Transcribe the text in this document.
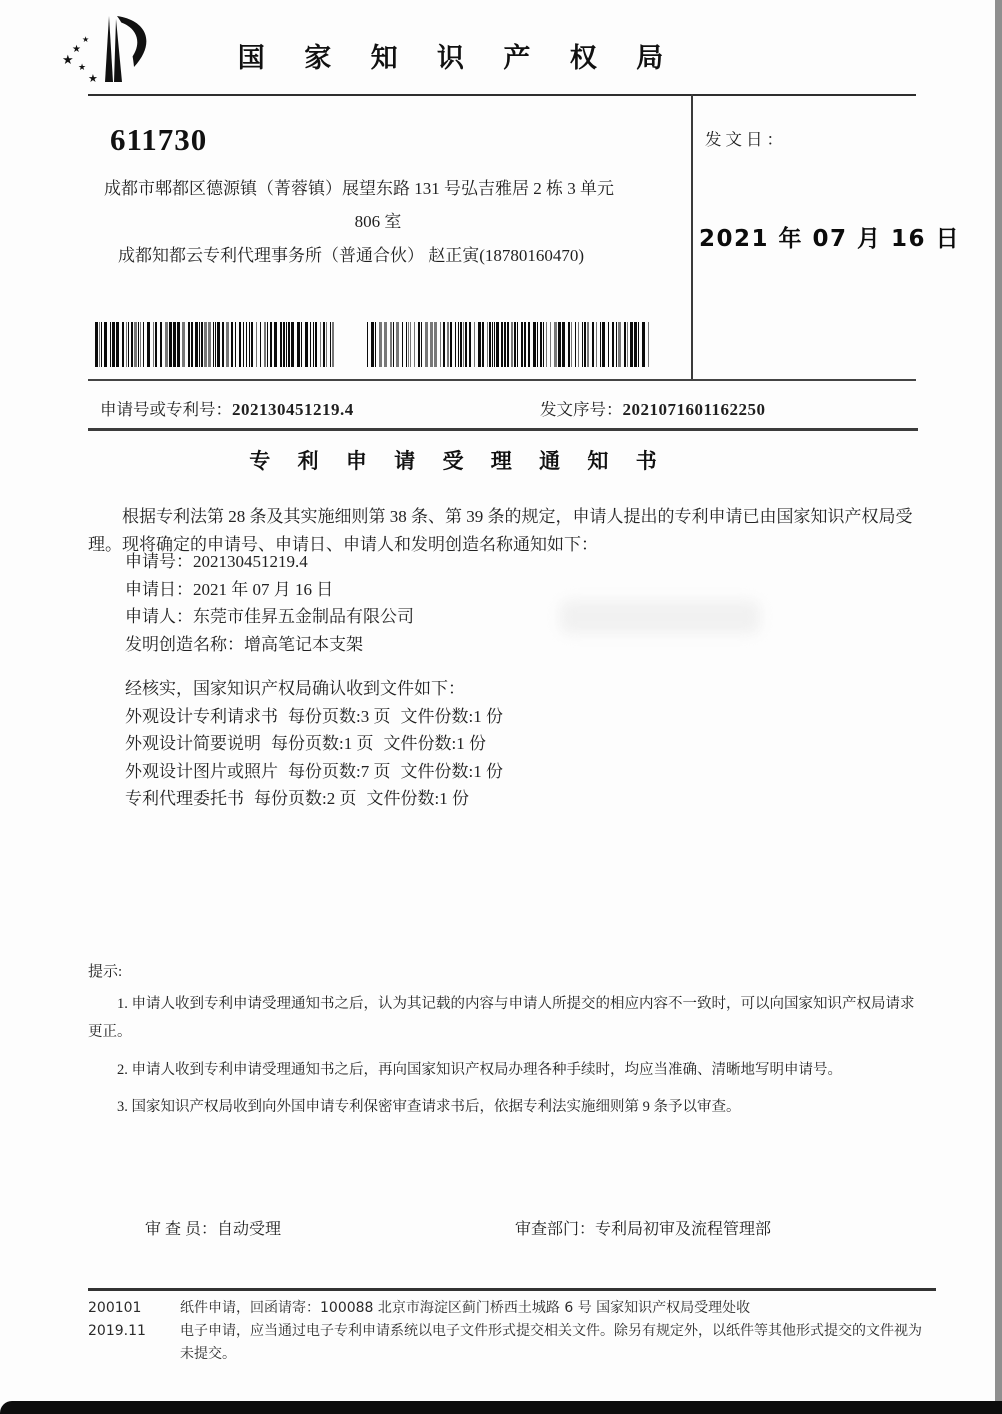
★
★
★
★
★
国 家 知 识 产 权 局
611730
成都市郫都区德源镇（菁蓉镇）展望东路 131 号弘吉雅居 2 栋 3 单元
806 室
成都知都云专利代理事务所（普通合伙） 赵正寅(18780160470)
发文日：
2021 年 07 月 16 日
申请号或专利号：202130451219.4	发文序号：2021071601162250
专 利 申 请 受 理 通 知 书

根据专利法第 28 条及其实施细则第 38 条、第 39 条的规定，申请人提出的专利申请已由国家知识产权局受理。现将确定的申请号、申请日、申请人和发明创造名称通知如下：

申请号：202130451219.4
申请日：2021 年 07 月 16 日
申请人：东莞市佳昇五金制品有限公司
发明创造名称：增高笔记本支架
经核实，国家知识产权局确认收到文件如下：
外观设计专利请求书 每份页数:3 页 文件份数:1 份
外观设计简要说明 每份页数:1 页 文件份数:1 份
外观设计图片或照片 每份页数:7 页 文件份数:1 份
专利代理委托书 每份页数:2 页 文件份数:1 份
提示:

1. 申请人收到专利申请受理通知书之后，认为其记载的内容与申请人所提交的相应内容不一致时，可以向国家知识产权局请求更正。

2. 申请人收到专利申请受理通知书之后，再向国家知识产权局办理各种手续时，均应当准确、清晰地写明申请号。

3. 国家知识产权局收到向外国申请专利保密审查请求书后，依据专利法实施细则第 9 条予以审查。

审 查 员：自动受理	审查部门：专利局初审及流程管理部
200101	纸件申请，回函请寄：100088 北京市海淀区蓟门桥西土城路 6 号 国家知识产权局受理处收
2019.11	电子申请，应当通过电子专利申请系统以电子文件形式提交相关文件。除另有规定外，以纸件等其他形式提交的文件视为未提交。
